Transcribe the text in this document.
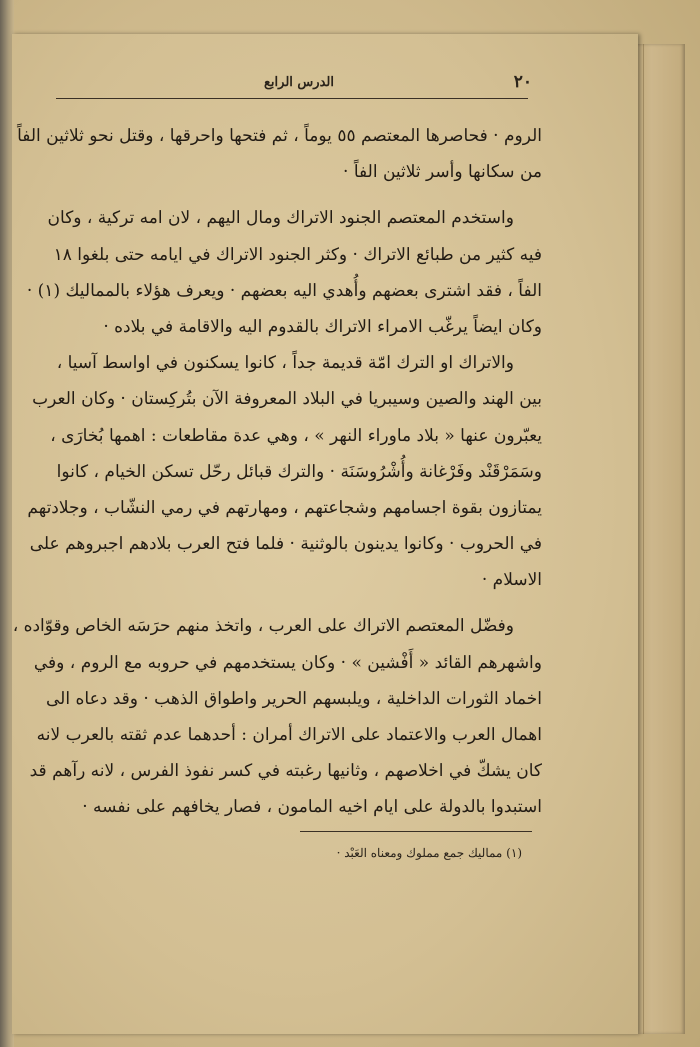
٢٠
الدرس الرابع
الروم · فحاصرها المعتصم ٥٥ يوماً ، ثم فتحها واحرقها ، وقتل نحو ثلاثين الفاً
من سكانها وأسر ثلاثين الفاً ·
واستخدم المعتصم الجنود الاتراك ومال اليهم ، لان امه تركية ، وكان
فيه كثير من طبائع الاتراك · وكثر الجنود الاتراك في ايامه حتى بلغوا ١٨
الفاً ، فقد اشترى بعضهم وأُهدي اليه بعضهم · ويعرف هؤلاء بالمماليك (١) ·
وكان ايضاً يرغّب الامراء الاتراك بالقدوم اليه والاقامة في بلاده ·
والاتراك او الترك امّة قديمة جداً ، كانوا يسكنون في اواسط آسيا ،
بين الهند والصين وسيبريا في البلاد المعروفة الآن بتُركِستان · وكان العرب
يعبّرون عنها « بلاد ماوراء النهر » ، وهي عدة مقاطعات : اهمها بُخارَى ،
وسَمَرْقَنْد وفَرْغانة وأُشْرُوسَنَة · والترك قبائل رحّل تسكن الخيام ، كانوا
يمتازون بقوة اجسامهم وشجاعتهم ، ومهارتهم في رمي النشّاب ، وجلادتهم
في الحروب · وكانوا يدينون بالوثنية · فلما فتح العرب بلادهم اجبروهم على
الاسلام ·
وفضّل المعتصم الاتراك على العرب ، واتخذ منهم حرَسَه الخاص وقوّاده ،
واشهرهم القائد « أَفْشين » · وكان يستخدمهم في حروبه مع الروم ، وفي
اخماد الثورات الداخلية ، ويلبسهم الحرير واطواق الذهب · وقد دعاه الى
اهمال العرب والاعتماد على الاتراك أمران : أحدهما عدم ثقته بالعرب لانه
كان يشكّ في اخلاصهم ، وثانيها رغبته في كسر نفوذ الفرس ، لانه رآهم قد
استبدوا بالدولة على ايام اخيه المامون ، فصار يخافهم على نفسه ·
(١) مماليك جمع مملوك ومعناه العَبْد ·
